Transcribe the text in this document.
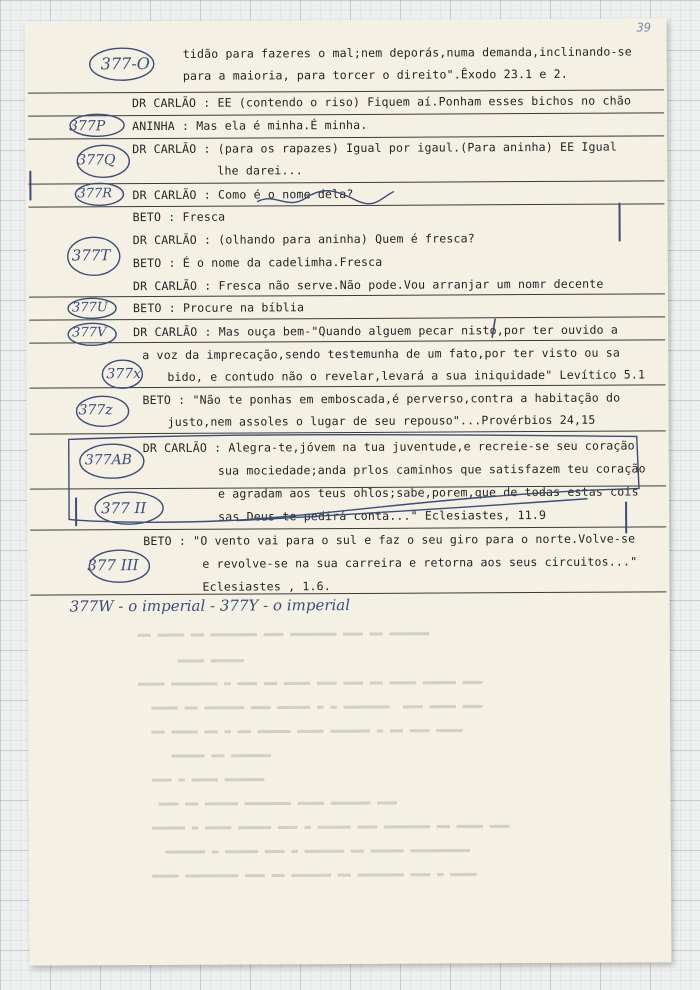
39
tidão para fazeres o mal;nem deporás,numa demanda,inclinando-se
para a maioria, para torcer o direito".Êxodo 23.1 e 2.
DR CARLÃO : EE (contendo o riso) Fiquem aí.Ponham esses bichos no chão
ANINHA : Mas ela é minha.É minha.
DR CARLÃO : (para os rapazes) Igual por igaul.(Para aninha) EE Igual
lhe darei...
DR CARLÃO : Como é o nome dela?
BETO : Fresca
DR CARLÃO : (olhando para aninha) Quem é fresca?
BETO : É o nome da cadelimha.Fresca
DR CARLÃO : Fresca não serve.Não pode.Vou arranjar um nomr decente
BETO : Procure na bíblia
DR CARLÃO : Mas ouça bem-"Quando alguem pecar nisto,por ter ouvido a
a voz da imprecação,sendo testemunha de um fato,por ter visto ou sa
bido, e contudo não o revelar,levará a sua iniquidade" Levítico 5.1
BETO : "Não te ponhas em emboscada,é perverso,contra a habitação do
justo,nem assoles o lugar de seu repouso"...Provérbios 24,15
DR CARLÃO : Alegra-te,jóvem na tua juventude,e recreie-se seu coração
sua mociedade;anda prlos caminhos que satisfazem teu coração
e agradam aos teus ohlos;sabe,porem,que de todas estas cois
sas Deus te pedirá conta..." Eclesiastes, 11.9
BETO : "O vento vai para o sul e faz o seu giro para o norte.Volve-se
e revolve-se na sua carreira e retorna aos seus circuitos..."
Eclesiastes , 1.6.
377-O
377P
377Q
377R
377T
377U
377V
377x
377z
377AB
377 II
377 III
377W - o imperial - 377Y - o imperial
▬▬ ▬▬▬▬ ▬▬ ▬▬▬▬▬▬▬ ▬▬▬ ▬▬▬▬▬▬▬ ▬▬▬ ▬▬ ▬▬▬▬▬▬
▬▬▬▬ ▬▬▬▬▬
▬▬▬▬ ▬▬▬▬▬▬▬ ▬ ▬▬▬ ▬▬ ▬▬▬▬ ▬▬▬ ▬▬▬ ▬▬ ▬▬▬▬ ▬▬▬▬▬ ▬▬▬
▬▬▬▬ ▬▬ ▬▬▬▬▬▬ ▬▬▬ ▬▬▬▬▬ ▬ ▬ ▬▬▬▬▬▬▬  ▬▬▬ ▬▬▬▬ ▬▬▬
▬▬ ▬▬▬▬ ▬▬ ▬ ▬▬ ▬▬▬▬▬ ▬▬▬▬ ▬▬▬▬▬▬ ▬ ▬▬ ▬▬▬ ▬▬▬▬
▬▬▬▬▬ ▬▬ ▬▬▬▬▬▬
▬▬▬ ▬ ▬▬▬▬ ▬▬▬▬▬▬
▬▬▬ ▬▬ ▬▬▬▬▬ ▬▬▬▬▬▬▬ ▬▬▬▬ ▬▬▬▬▬▬ ▬▬▬
▬▬▬▬▬ ▬ ▬▬▬▬ ▬▬▬▬▬ ▬▬▬ ▬ ▬▬▬▬▬ ▬▬▬ ▬▬▬▬▬▬▬ ▬▬ ▬▬▬▬ ▬▬▬
▬▬▬▬▬▬ ▬ ▬▬▬▬▬ ▬▬▬ ▬ ▬▬▬▬▬▬ ▬▬ ▬▬▬▬▬ ▬▬▬▬▬▬▬▬▬
▬▬▬▬ ▬▬▬▬▬▬▬▬ ▬▬▬ ▬▬ ▬▬▬▬▬▬ ▬▬ ▬▬▬▬▬▬▬ ▬▬▬ ▬ ▬▬▬▬
